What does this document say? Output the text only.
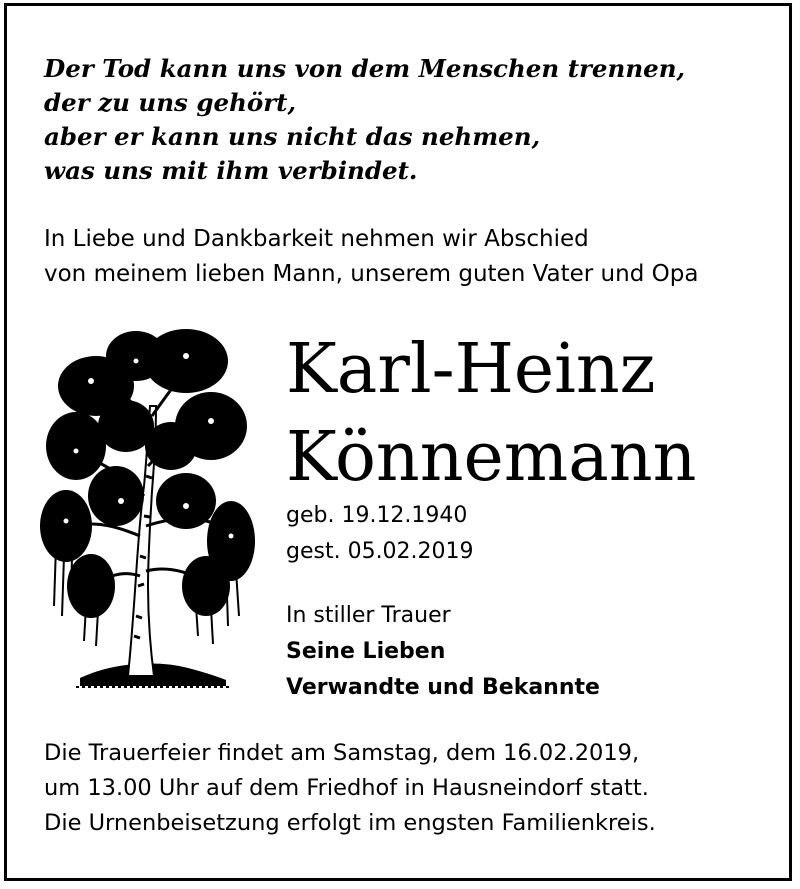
Der Tod kann uns von dem Menschen trennen,
der zu uns gehört,
aber er kann uns nicht das nehmen,
was uns mit ihm verbindet.
In Liebe und Dankbarkeit nehmen wir Abschied
von meinem lieben Mann, unserem guten Vater und Opa
Karl-Heinz
Könnemann
geb. 19.12.1940
gest. 05.02.2019
In stiller Trauer
Seine Lieben
Verwandte und Bekannte
Die Trauerfeier findet am Samstag, dem 16.02.2019,
um 13.00 Uhr auf dem Friedhof in Hausneindorf statt.
Die Urnenbeisetzung erfolgt im engsten Familienkreis.
